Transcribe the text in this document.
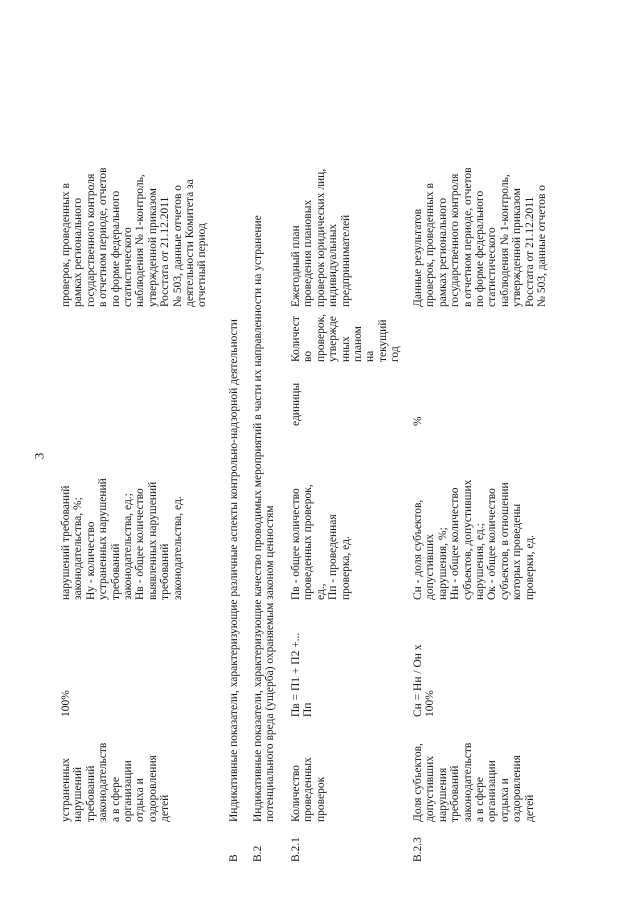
3
устраненных
нарушений
требований
законодательств
а в сфере
организации
отдыха и
оздоровления
детей
100%
нарушений требований
законодательства, %;
Ну - количество
устраненных нарушений
требований
законодательства, ед.;
Нв - общее количество
выявленных нарушений
требований
законодательства, ед.
проверок, проведенных в
рамках регионального
государственного контроля
в отчетном периоде, отчетов
по форме федерального
статистического
наблюдения № 1-контроль,
утвержденной приказом
Росстата от 21.12.2011
№ 503, данные отчетов о
деятельности Комитета за
отчетный период
В
Индикативные показатели, характеризующие различные аспекты контрольно-надзорной деятельности
В.2
Индикативные показатели, характеризующие качество проводимых мероприятий в части их направленности на устранение
потенциального вреда (ущерба) охраняемым законом ценностям
В.2.1
Количество
проведенных
проверок
Пв = П1 + П2 +...
Пп
Пв - общее количество
проведенных проверок,
ед.,
Пп - проведенная
проверка, ед.
единицы
Количест
во
проверок,
утвержде
нных
планом на
текущий
год
Ежегодный план
проведения плановых
проверок юридических лиц,
индивидуальных
предпринимателей
В.2.3
Доля субъектов,
допустивших
нарушения
требований
законодательств
а в сфере
организации
отдыха и
оздоровления
детей
Сн = Нн / Он х
100%
Сн - доля субъектов,
допустивших
нарушения, %;
Нн - общее количество
субъектов, допустивших
нарушения, ед.;
Ок - общее количество
субъектов, в отношении
которых проведены
проверки, ед.
%
Данные результатов
проверок, проведенных в
рамках регионального
государственного контроля
в отчетном периоде, отчетов
по форме федерального
статистического
наблюдения № 1-контроль,
утвержденной приказом
Росстата от 21.12.2011
№ 503, данные отчетов о
